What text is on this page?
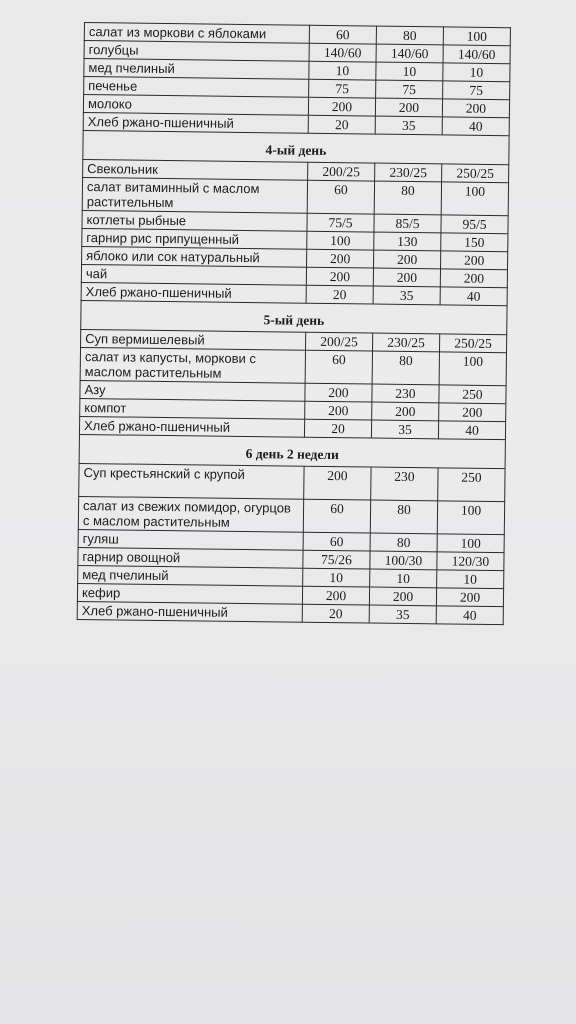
салат из моркови с яблоками	60	80	100
голубцы	140/60	140/60	140/60
мед пчелиный	10	10	10
печенье	75	75	75
молоко	200	200	200
Хлеб ржано-пшеничный	20	35	40
4-ый день			
Свекольник	200/25	230/25	250/25
салат витаминный с маслом растительным	60	80	100
котлеты рыбные	75/5	85/5	95/5
гарнир рис припущенный	100	130	150
яблоко или сок натуральный	200	200	200
чай	200	200	200
Хлеб ржано-пшеничный	20	35	40
5-ый день			
Суп вермишелевый	200/25	230/25	250/25
салат из капусты, моркови с маслом растительным	60	80	100
Азу	200	230	250
компот	200	200	200
Хлеб ржано-пшеничный	20	35	40
6 день 2 недели			
Суп крестьянский с крупой	200	230	250
салат из свежих помидор, огурцов с маслом растительным	60	80	100
гуляш	60	80	100
гарнир овощной	75/26	100/30	120/30
мед пчелиный	10	10	10
кефир	200	200	200
Хлеб ржано-пшеничный	20	35	40
